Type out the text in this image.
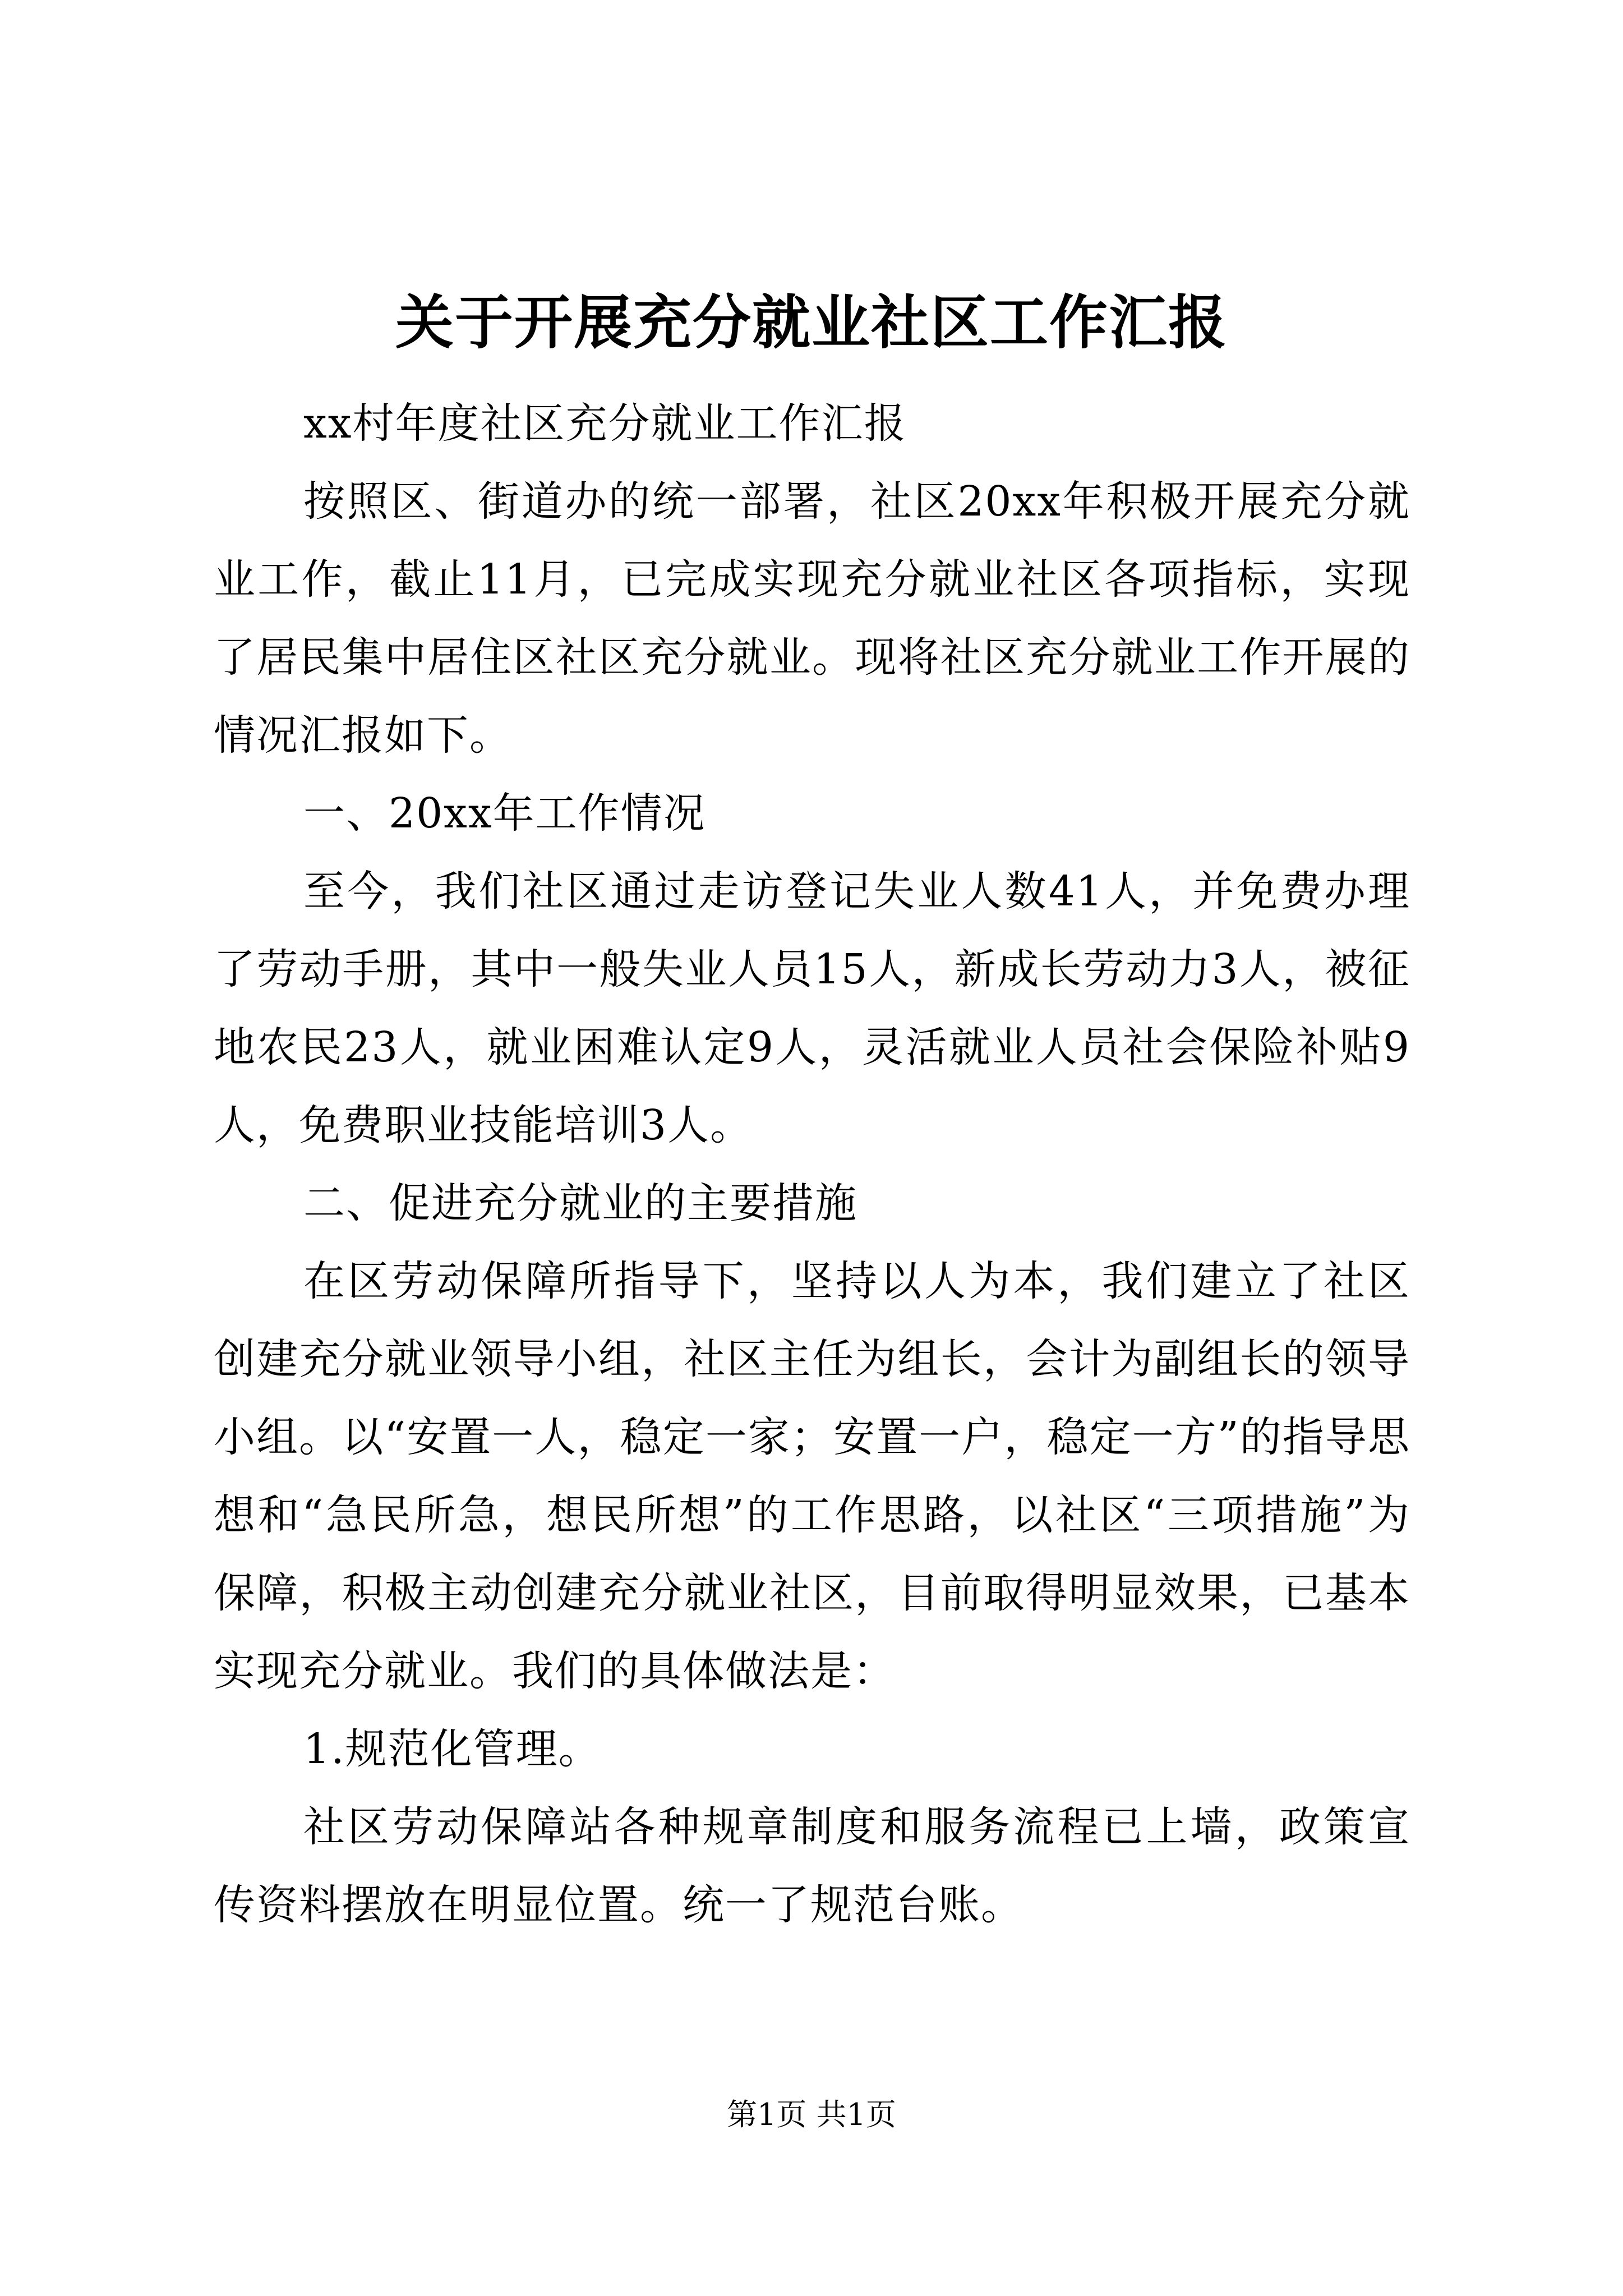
关于开展充分就业社区工作汇报

xx村年度社区充分就业工作汇报

按照区、街道办的统一部署，社区20xx年积极开展充分就业工作，截止11月，已完成实现充分就业社区各项指标，实现了居民集中居住区社区充分就业。现将社区充分就业工作开展的情况汇报如下。

一、20xx年工作情况

至今，我们社区通过走访登记失业人数41人，并免费办理了劳动手册，其中一般失业人员15人，新成长劳动力3人，被征地农民23人，就业困难认定9人，灵活就业人员社会保险补贴9人，免费职业技能培训3人。

二、促进充分就业的主要措施

在区劳动保障所指导下，坚持以人为本，我们建立了社区创建充分就业领导小组，社区主任为组长，会计为副组长的领导小组。以“安置一人，稳定一家；安置一户，稳定一方”的指导思想和“急民所急，想民所想”的工作思路，以社区“三项措施”为保障，积极主动创建充分就业社区，目前取得明显效果，已基本实现充分就业。我们的具体做法是：

1.规范化管理。

社区劳动保障站各种规章制度和服务流程已上墙，政策宣传资料摆放在明显位置。统一了规范台账。

第1页 共1页
